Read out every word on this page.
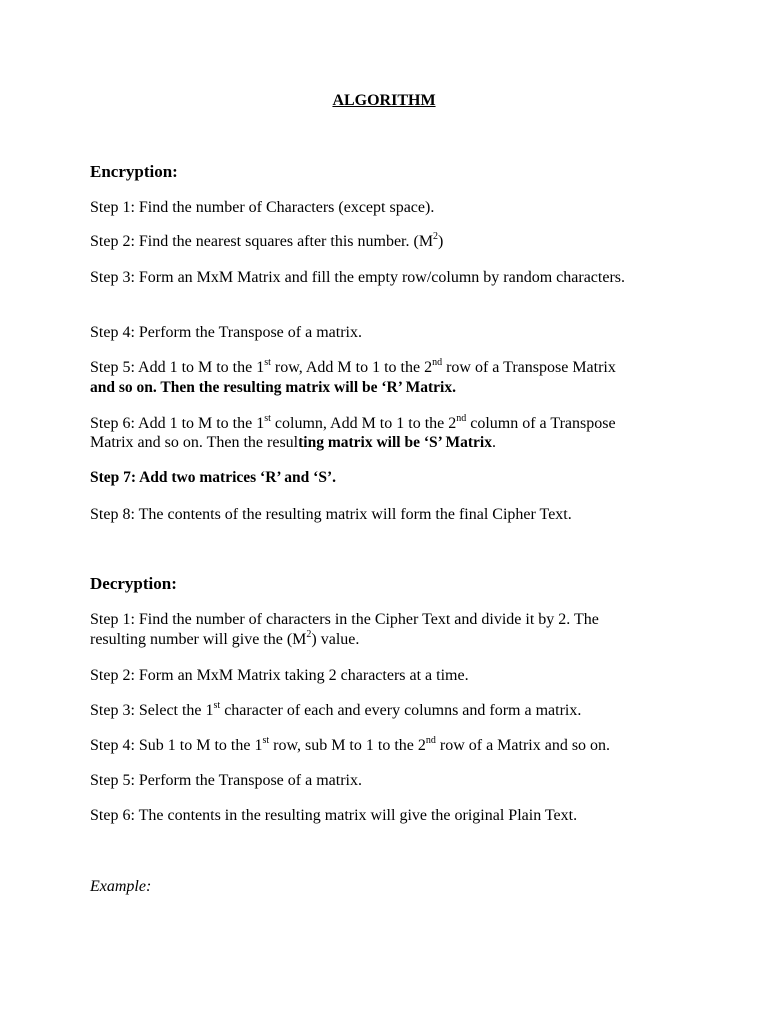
ALGORITHM
Encryption:
Step 1: Find the number of Characters (except space).
Step 2: Find the nearest squares after this number. $(M^2)$
Step 3: Form an MxM Matrix and fill the empty row/column by random characters.
Step 4: Perform the Transpose of a matrix.
Step 5: Add 1 to M to the 1st row, Add M to 1 to the 2nd row of a Transpose Matrix
and so on. Then the resulting matrix will be ‘R’ Matrix.
Step 6: Add 1 to M to the 1st column, Add M to 1 to the 2nd column of a Transpose
Matrix and so on. Then the resulting matrix will be ‘S’ Matrix.
Step 7: Add two matrices ‘R’ and ‘S’.
Step 8: The contents of the resulting matrix will form the final Cipher Text.
Decryption:
Step 1: Find the number of characters in the Cipher Text and divide it by 2. The
resulting number will give the $(M^2)$ value.
Step 2: Form an MxM Matrix taking 2 characters at a time.
Step 3: Select the 1st character of each and every columns and form a matrix.
Step 4: Sub 1 to M to the 1st row, sub M to 1 to the 2nd row of a Matrix and so on.
Step 5: Perform the Transpose of a matrix.
Step 6: The contents in the resulting matrix will give the original Plain Text.
Example:
